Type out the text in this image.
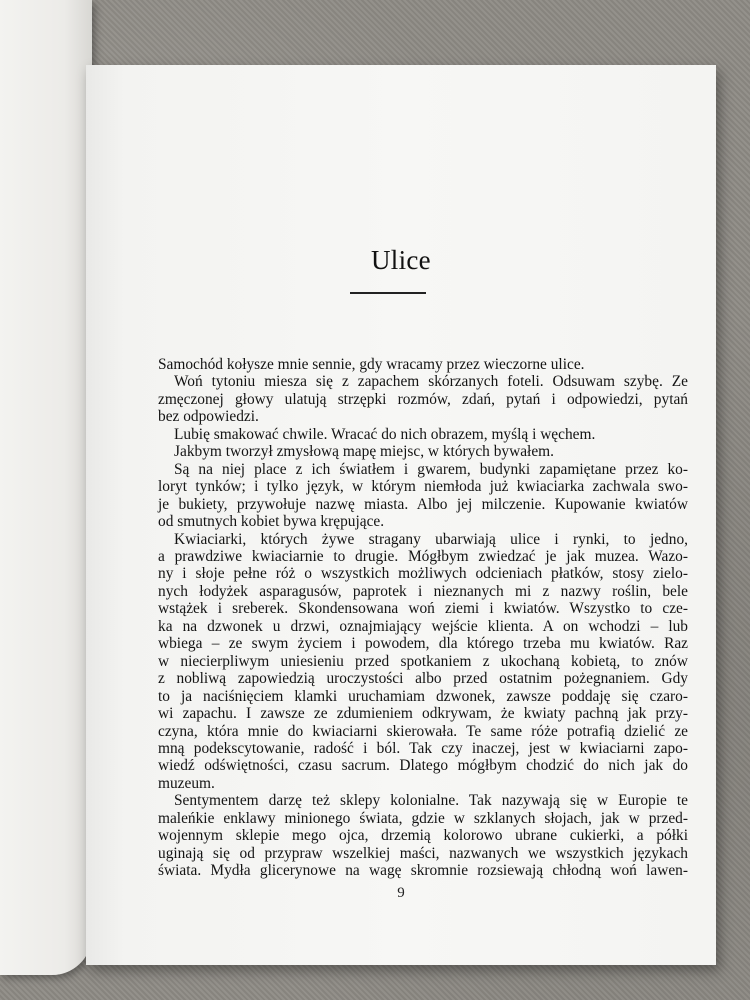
Ulice
Samochód kołysze mnie sennie, gdy wracamy przez wieczorne ulice.
Woń tytoniu miesza się z zapachem skórzanych foteli. Odsuwam szybę. Ze
zmęczonej głowy ulatują strzępki rozmów, zdań, pytań i odpowiedzi, pytań
bez odpowiedzi.
Lubię smakować chwile. Wracać do nich obrazem, myślą i węchem.
Jakbym tworzył zmysłową mapę miejsc, w których bywałem.
Są na niej place z ich światłem i gwarem, budynki zapamiętane przez ko-
loryt tynków; i tylko język, w którym niemłoda już kwiaciarka zachwala swo-
je bukiety, przywołuje nazwę miasta. Albo jej milczenie. Kupowanie kwiatów
od smutnych kobiet bywa krępujące.
Kwiaciarki, których żywe stragany ubarwiają ulice i rynki, to jedno,
a prawdziwe kwiaciarnie to drugie. Mógłbym zwiedzać je jak muzea. Wazo-
ny i słoje pełne róż o wszystkich możliwych odcieniach płatków, stosy zielo-
nych łodyżek asparagusów, paprotek i nieznanych mi z nazwy roślin, bele
wstążek i sreberek. Skondensowana woń ziemi i kwiatów. Wszystko to cze-
ka na dzwonek u drzwi, oznajmiający wejście klienta. A on wchodzi – lub
wbiega – ze swym życiem i powodem, dla którego trzeba mu kwiatów. Raz
w niecierpliwym uniesieniu przed spotkaniem z ukochaną kobietą, to znów
z nobliwą zapowiedzią uroczystości albo przed ostatnim pożegnaniem. Gdy
to ja naciśnięciem klamki uruchamiam dzwonek, zawsze poddaję się czaro-
wi zapachu. I zawsze ze zdumieniem odkrywam, że kwiaty pachną jak przy-
czyna, która mnie do kwiaciarni skierowała. Te same róże potrafią dzielić ze
mną podekscytowanie, radość i ból. Tak czy inaczej, jest w kwiaciarni zapo-
wiedź odświętności, czasu sacrum. Dlatego mógłbym chodzić do nich jak do
muzeum.
Sentymentem darzę też sklepy kolonialne. Tak nazywają się w Europie te
maleńkie enklawy minionego świata, gdzie w szklanych słojach, jak w przed-
wojennym sklepie mego ojca, drzemią kolorowo ubrane cukierki, a półki
uginają się od przypraw wszelkiej maści, nazwanych we wszystkich językach
świata. Mydła glicerynowe na wagę skromnie rozsiewają chłodną woń lawen-
9
